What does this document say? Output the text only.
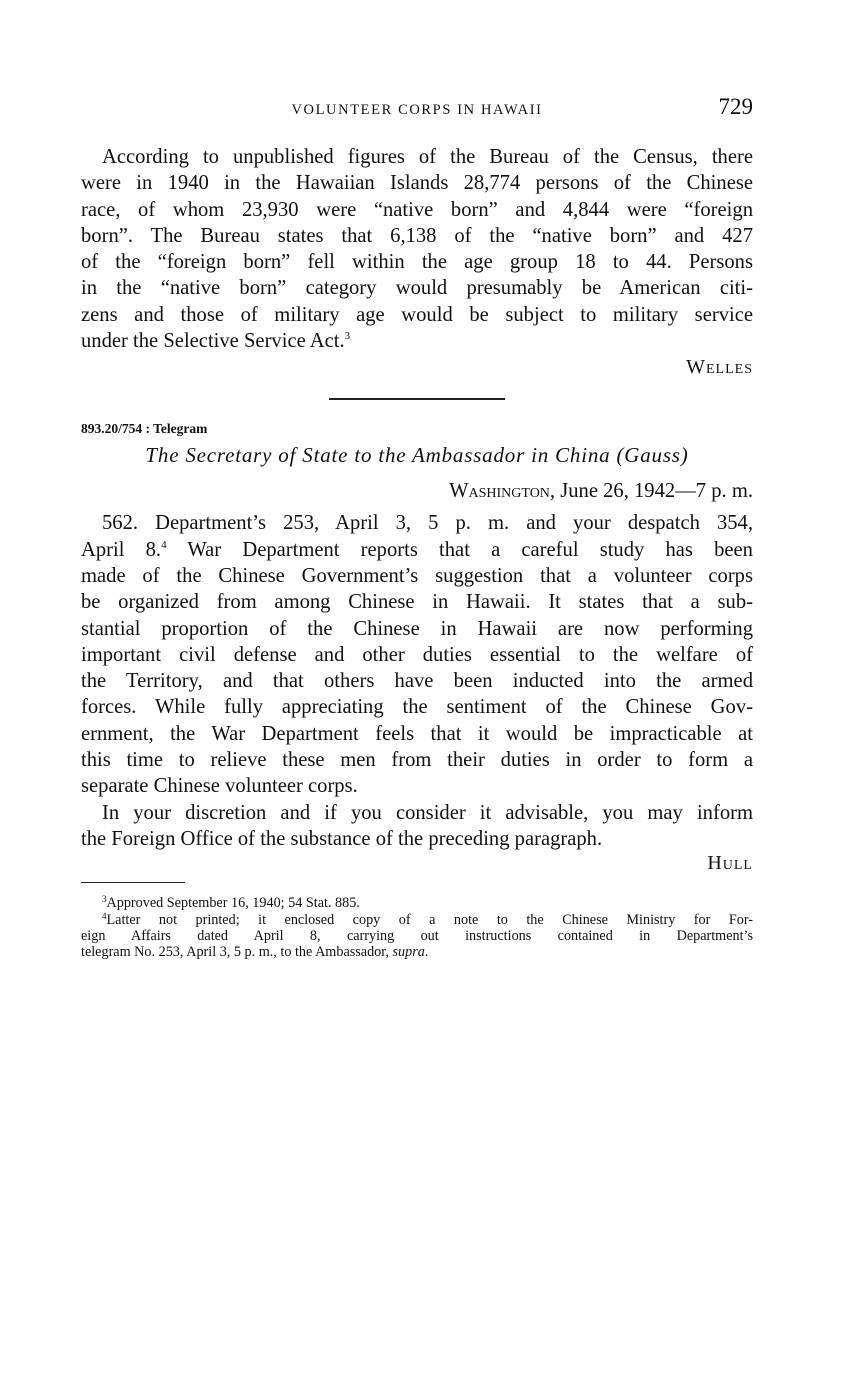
VOLUNTEER CORPS IN HAWAII	729
According to unpublished figures of the Bureau of the Census, there
were in 1940 in the Hawaiian Islands 28,774 persons of the Chinese
race, of whom 23,930 were “native born” and 4,844 were “foreign
born”. The Bureau states that 6,138 of the “native born” and 427
of the “foreign born” fell within the age group 18 to 44. Persons
in the “native born” category would presumably be American citi-
zens and those of military age would be subject to military service
under the Selective Service Act.$^3$
Welles
893.20/754 : Telegram
The Secretary of State to the Ambassador in China (Gauss)
Washington, June 26, 1942—7 p. m.
562. Department’s 253, April 3, 5 p. m. and your despatch 354,
April 8.$^4$ War Department reports that a careful study has been
made of the Chinese Government’s suggestion that a volunteer corps
be organized from among Chinese in Hawaii. It states that a sub-
stantial proportion of the Chinese in Hawaii are now performing
important civil defense and other duties essential to the welfare of
the Territory, and that others have been inducted into the armed
forces. While fully appreciating the sentiment of the Chinese Gov-
ernment, the War Department feels that it would be impracticable at
this time to relieve these men from their duties in order to form a
separate Chinese volunteer corps.
In your discretion and if you consider it advisable, you may inform
the Foreign Office of the substance of the preceding paragraph.
Hull

$^3$Approved September 16, 1940; 54 Stat. 885.

$^4$Latter not printed; it enclosed copy of a note to the Chinese Ministry for For-
eign Affairs dated April 8, carrying out instructions contained in Department’s
telegram No. 253, April 3, 5 p. m., to the Ambassador, supra.
